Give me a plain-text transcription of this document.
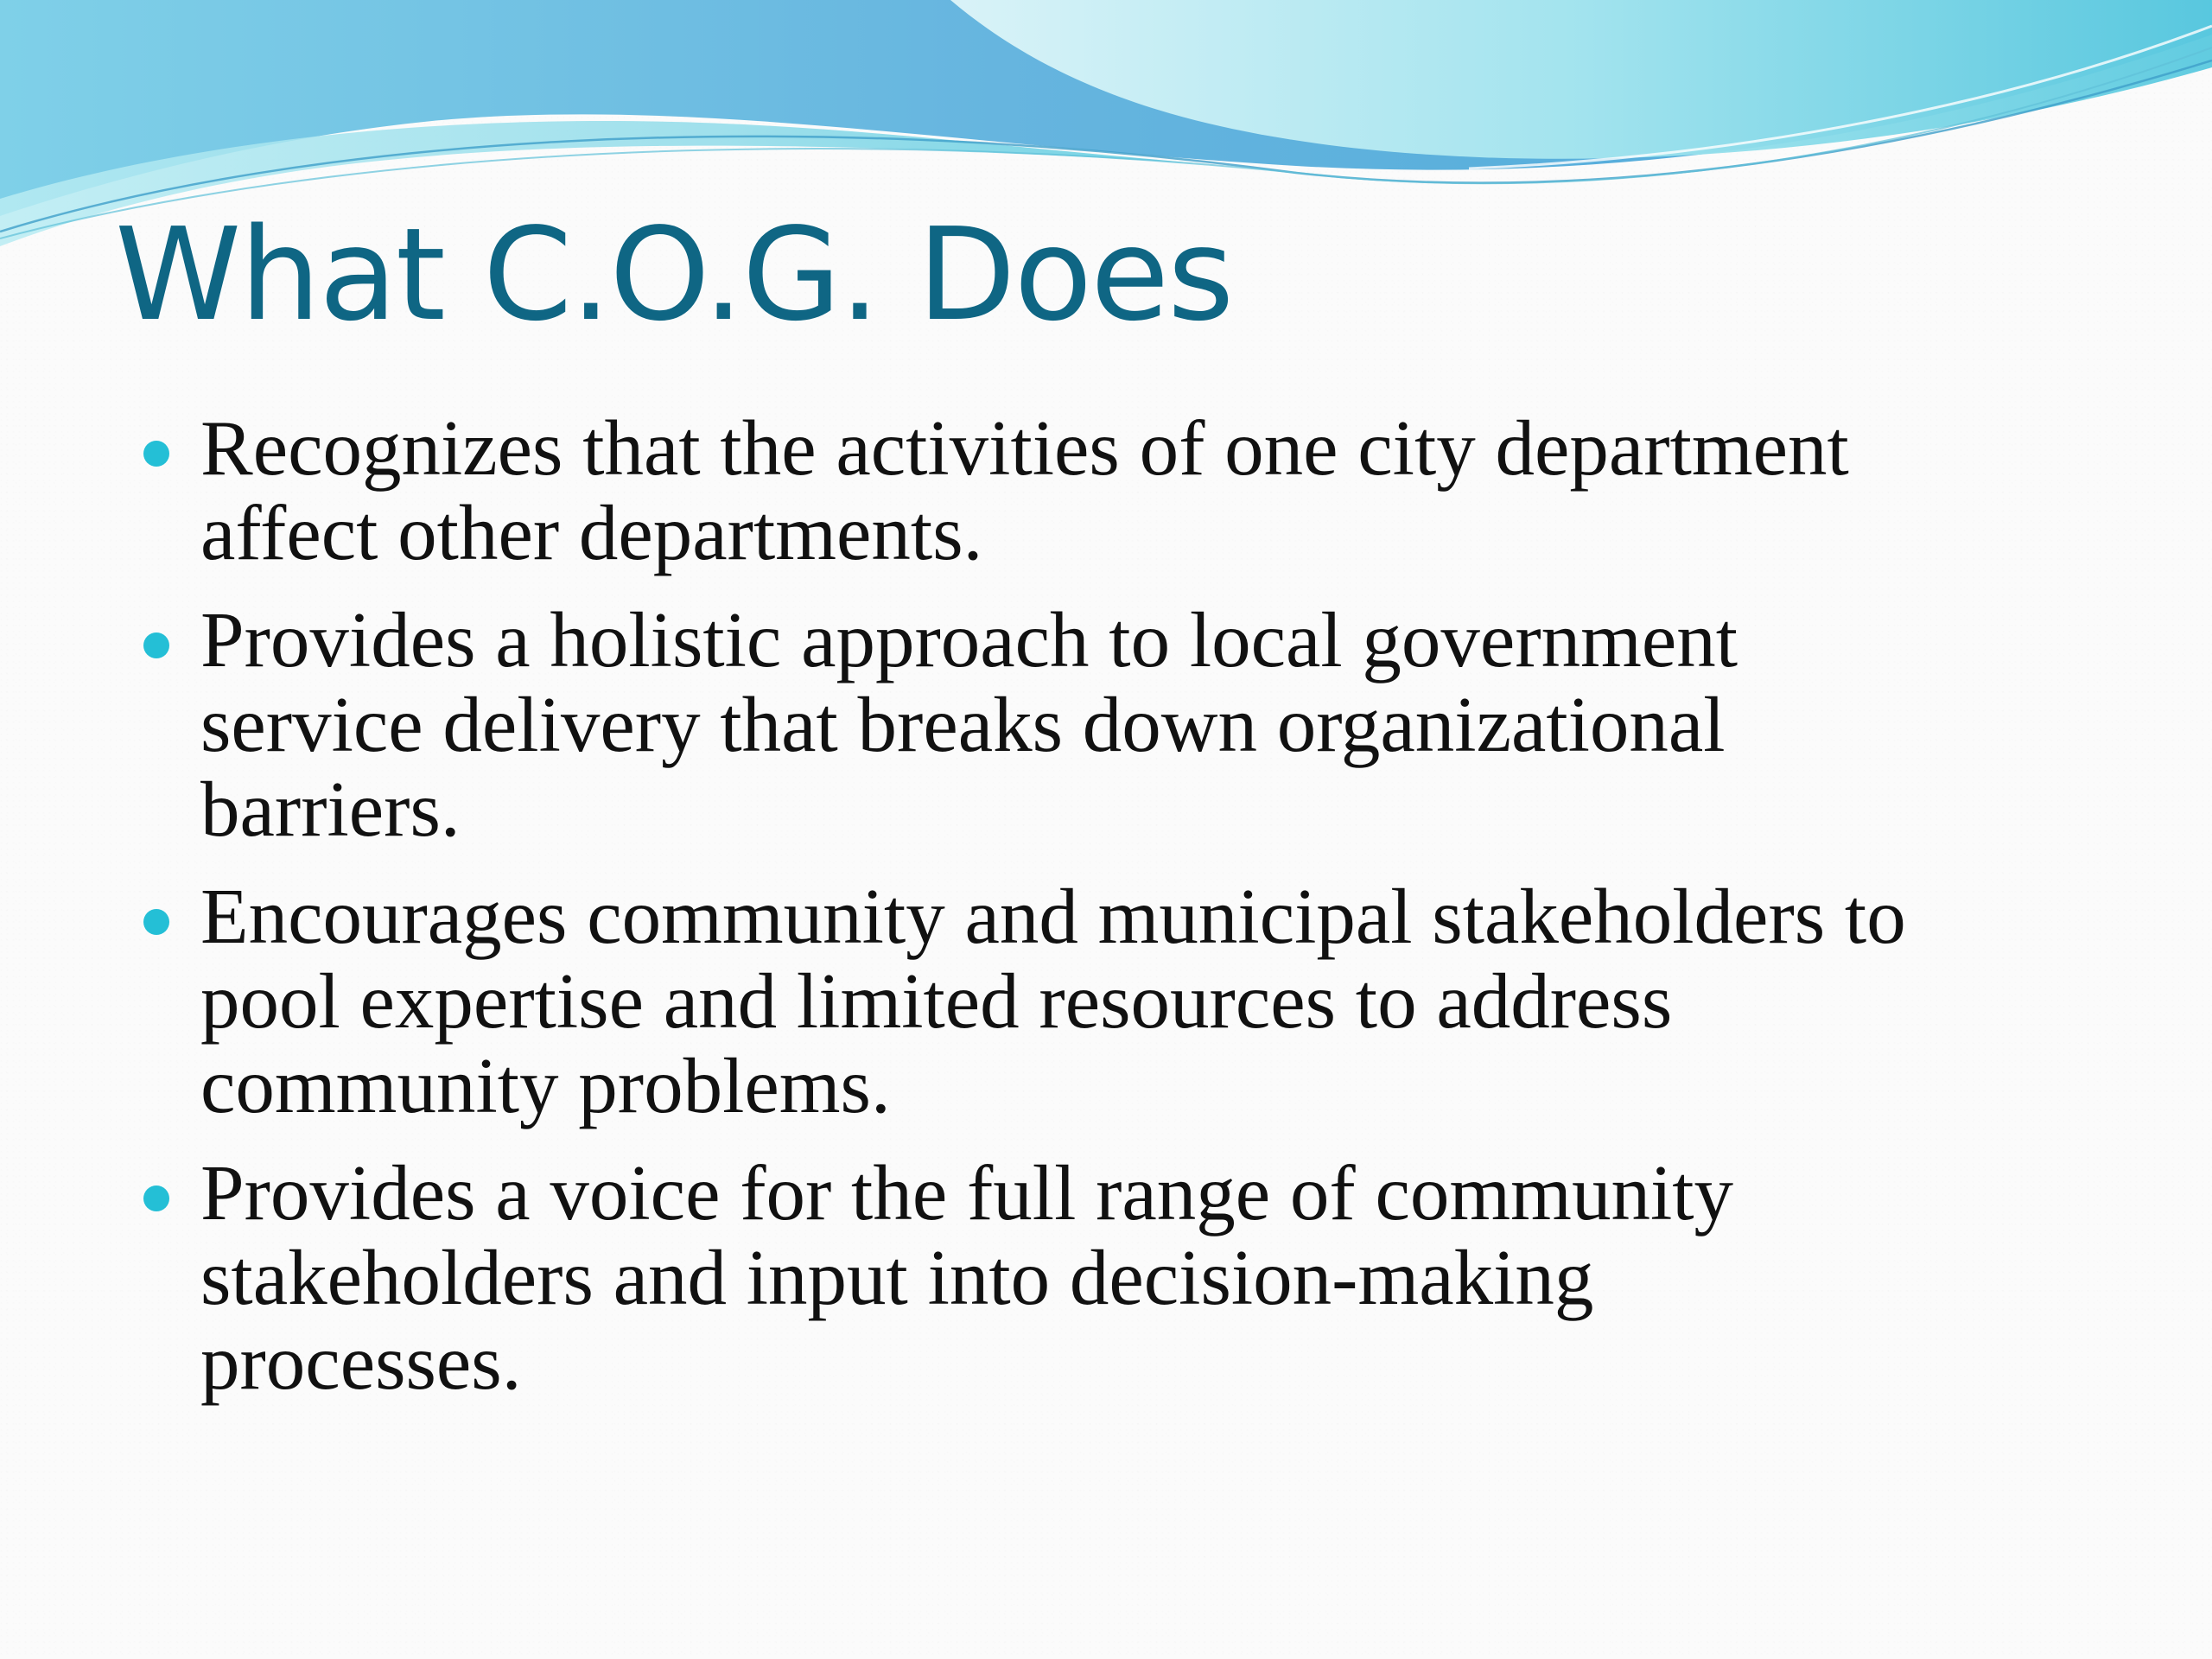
What C.O.G. Does
Recognizes that the activities of one city department
affect other departments.
Provides a holistic approach to local government
service delivery that breaks down organizational
barriers.
Encourages community and municipal stakeholders to
pool expertise and limited resources to address
community problems.
Provides a voice for the full range of community
stakeholders and input into decision-making
processes.
